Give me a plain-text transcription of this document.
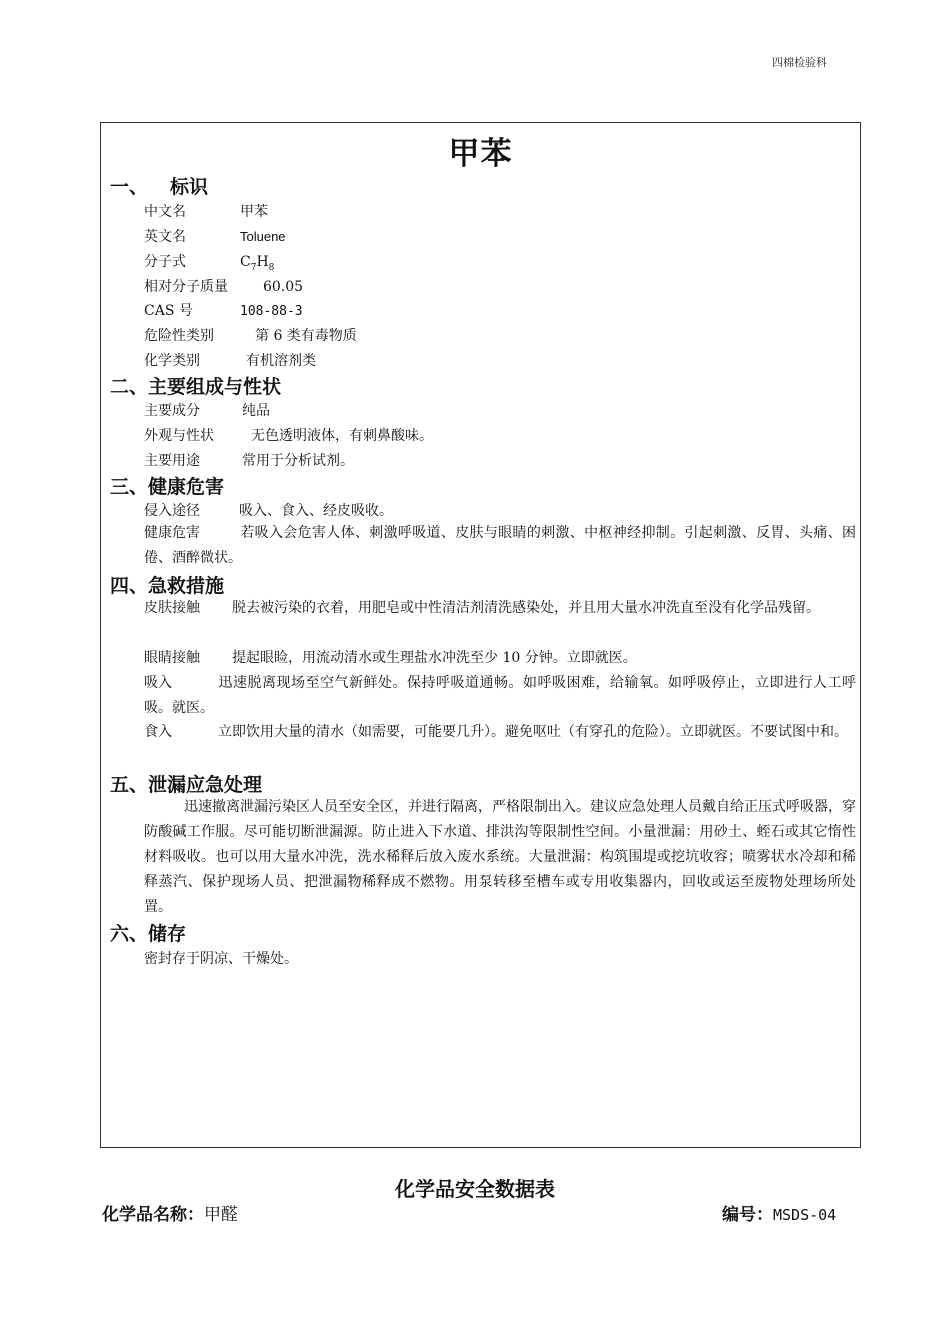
四棉检验科
甲苯
一、 标识
中文名	甲苯
英文名	Toluene
分子式	$C_7H_8$
相对分子质量	60.05
CAS 号	108-88-3
危险性类别	第 6 类有毒物质
化学类别	有机溶剂类
二、主要组成与性状
主要成分	纯品
外观与性状	无色透明液体，有刺鼻酸味。
主要用途	常用于分析试剂。
三、健康危害
侵入途径	吸入、食入、经皮吸收。
健康危害	若吸入会危害人体、刺激呼吸道、皮肤与眼睛的刺激、中枢神经抑制。引起刺激、反胃、头痛、困倦、酒醉微状。
四、急救措施
皮肤接触 脱去被污染的衣着，用肥皂或中性清洁剂清洗感染处，并且用大量水冲洗直至没有化学品残留。
眼睛接触 提起眼睑，用流动清水或生理盐水冲洗至少 10 分钟。立即就医。
吸入	迅速脱离现场至空气新鲜处。保持呼吸道通畅。如呼吸困难，给输氧。如呼吸停止，立即进行人工呼吸。就医。
食入	立即饮用大量的清水（如需要，可能要几升）。避免呕吐（有穿孔的危险）。立即就医。不要试图中和。
五、泄漏应急处理
迅速撤离泄漏污染区人员至安全区，并进行隔离，严格限制出入。建议应急处理人员戴自给正压式呼吸器，穿防酸碱工作服。尽可能切断泄漏源。防止进入下水道、排洪沟等限制性空间。小量泄漏：用砂土、蛭石或其它惰性材料吸收。也可以用大量水冲洗，洗水稀释后放入废水系统。大量泄漏：构筑围堤或挖坑收容；喷雾状水冷却和稀释蒸汽、保护现场人员、把泄漏物稀释成不燃物。用泵转移至槽车或专用收集器内，回收或运至废物处理场所处置。
六、储存
密封存于阴凉、干燥处。
化学品安全数据表
化学品名称：甲醛	编号：MSDS-04
